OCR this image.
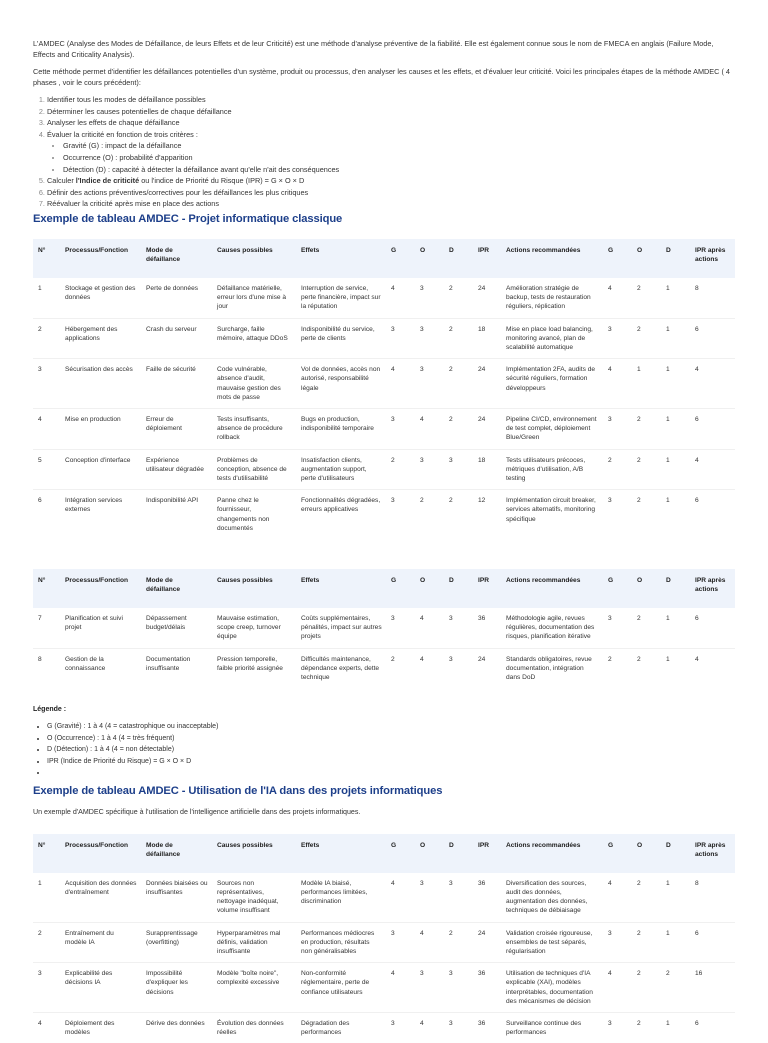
L'AMDEC (Analyse des Modes de Défaillance, de leurs Effets et de leur Criticité) est une méthode d'analyse préventive de la fiabilité. Elle est également connue sous le nom de FMECA en anglais (Failure Mode, Effects and Criticality Analysis).

Cette méthode permet d'identifier les défaillances potentielles d'un système, produit ou processus, d'en analyser les causes et les effets, et d'évaluer leur criticité. Voici les principales étapes de la méthode AMDEC ( 4 phases , voir le cours précédent):

1. Identifier tous les modes de défaillance possibles
2. Déterminer les causes potentielles de chaque défaillance
3. Analyser les effets de chaque défaillance
4. Évaluer la criticité en fonction de trois critères :
• Gravité (G) : impact de la défaillance
• Occurrence (O) : probabilité d'apparition
• Détection (D) : capacité à détecter la défaillance avant qu'elle n'ait des conséquences
5. Calculer l'Indice de criticité ou l'indice de Priorité du Risque (IPR) = G × O × D
6. Définir des actions préventives/correctives pour les défaillances les plus critiques
7. Réévaluer la criticité après mise en place des actions
Exemple de tableau AMDEC - Projet informatique classique
N°	Processus/Fonction	Mode de défaillance	Causes possibles	Effets	G	O	D	IPR	Actions recommandées	G	O	D	IPR après actions
1	Stockage et gestion des données	Perte de données	Défaillance matérielle, erreur lors d'une mise à jour	Interruption de service, perte financière, impact sur la réputation	4	3	2	24	Amélioration stratégie de backup, tests de restauration réguliers, réplication	4	2	1	8
2	Hébergement des applications	Crash du serveur	Surcharge, faille mémoire, attaque DDoS	Indisponibilité du service, perte de clients	3	3	2	18	Mise en place load balancing, monitoring avancé, plan de scalabilité automatique	3	2	1	6
3	Sécurisation des accès	Faille de sécurité	Code vulnérable, absence d'audit, mauvaise gestion des mots de passe	Vol de données, accès non autorisé, responsabilité légale	4	3	2	24	Implémentation 2FA, audits de sécurité réguliers, formation développeurs	4	1	1	4
4	Mise en production	Erreur de déploiement	Tests insuffisants, absence de procédure rollback	Bugs en production, indisponibilité temporaire	3	4	2	24	Pipeline CI/CD, environnement de test complet, déploiement Blue/Green	3	2	1	6
5	Conception d'interface	Expérience utilisateur dégradée	Problèmes de conception, absence de tests d'utilisabilité	Insatisfaction clients, augmentation support, perte d'utilisateurs	2	3	3	18	Tests utilisateurs précoces, métriques d'utilisation, A/B testing	2	2	1	4
6	Intégration services externes	Indisponibilité API	Panne chez le fournisseur, changements non documentés	Fonctionnalités dégradées, erreurs applicatives	3	2	2	12	Implémentation circuit breaker, services alternatifs, monitoring spécifique	3	2	1	6
N°	Processus/Fonction	Mode de défaillance	Causes possibles	Effets	G	O	D	IPR	Actions recommandées	G	O	D	IPR après actions
7	Planification et suivi projet	Dépassement budget/délais	Mauvaise estimation, scope creep, turnover équipe	Coûts supplémentaires, pénalités, impact sur autres projets	3	4	3	36	Méthodologie agile, revues régulières, documentation des risques, planification itérative	3	2	1	6
8	Gestion de la connaissance	Documentation insuffisante	Pression temporelle, faible priorité assignée	Difficultés maintenance, dépendance experts, dette technique	2	4	3	24	Standards obligatoires, revue documentation, intégration dans DoD	2	2	1	4
Légende :
• G (Gravité) : 1 à 4 (4 = catastrophique ou inacceptable)
• O (Occurrence) : 1 à 4 (4 = très fréquent)
• D (Détection) : 1 à 4 (4 = non détectable)
• IPR (Indice de Priorité du Risque) = G × O × D
•
Exemple de tableau AMDEC - Utilisation de l'IA dans des projets informatiques

Un exemple d'AMDEC spécifique à l'utilisation de l'intelligence artificielle dans des projets informatiques.

N°	Processus/Fonction	Mode de défaillance	Causes possibles	Effets	G	O	D	IPR	Actions recommandées	G	O	D	IPR après actions
1	Acquisition des données d'entraînement	Données biaisées ou insuffisantes	Sources non représentatives, nettoyage inadéquat, volume insuffisant	Modèle IA biaisé, performances limitées, discrimination	4	3	3	36	Diversification des sources, audit des données, augmentation des données, techniques de débiaisage	4	2	1	8
2	Entraînement du modèle IA	Surapprentissage (overfitting)	Hyperparamètres mal définis, validation insuffisante	Performances médiocres en production, résultats non généralisables	3	4	2	24	Validation croisée rigoureuse, ensembles de test séparés, régularisation	3	2	1	6
3	Explicabilité des décisions IA	Impossibilité d'expliquer les décisions	Modèle "boîte noire", complexité excessive	Non-conformité réglementaire, perte de confiance utilisateurs	4	3	3	36	Utilisation de techniques d'IA explicable (XAI), modèles interprétables, documentation des mécanismes de décision	4	2	2	16
4	Déploiement des modèles	Dérive des données	Évolution des données réelles	Dégradation des performances	3	4	3	36	Surveillance continue des performances	3	2	1	6
